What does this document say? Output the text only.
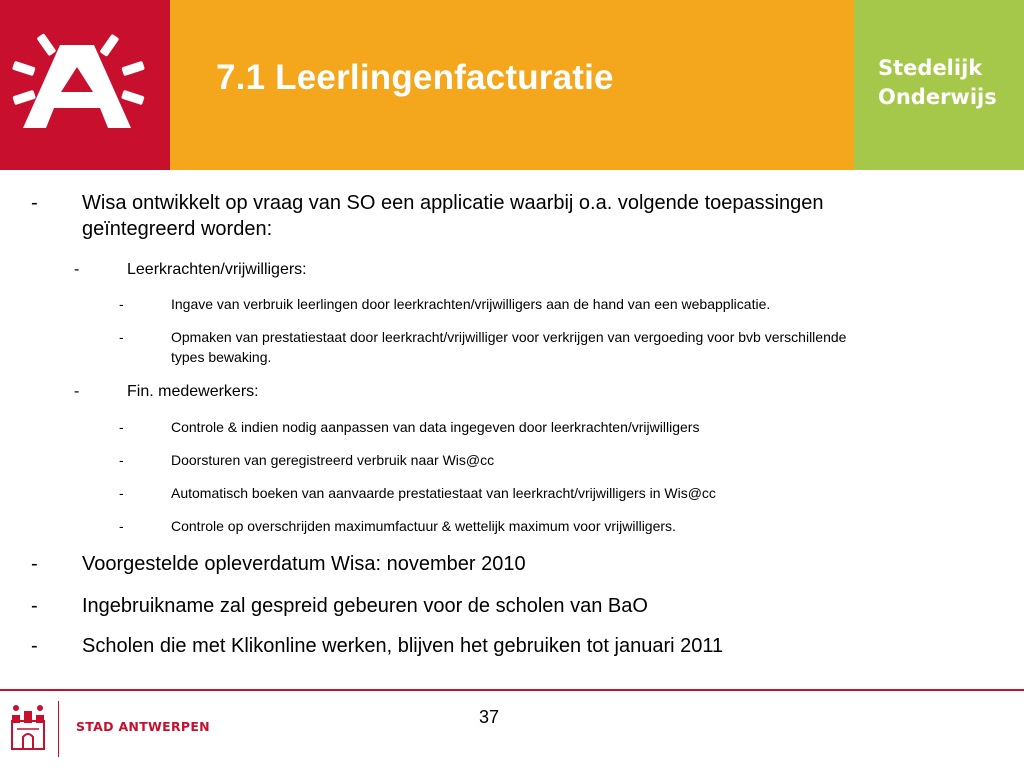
7.1 Leerlingenfacturatie	Stedelijk
Onderwijs
- Wisa ontwikkelt op vraag van SO een applicatie waarbij o.a. volgende toepassingen
geïntegreerd worden:
-	Leerkrachten/vrijwilligers:
-	Ingave van verbruik leerlingen door leerkrachten/vrijwilligers aan de hand van een webapplicatie.
-	Opmaken van prestatiestaat door leerkracht/vrijwilliger voor verkrijgen van vergoeding voor bvb verschillende
types bewaking.
-	Fin. medewerkers:
-	Controle & indien nodig aanpassen van data ingegeven door leerkrachten/vrijwilligers
-	Doorsturen van geregistreerd verbruik naar Wis@cc
-	Automatisch boeken van aanvaarde prestatiestaat van leerkracht/vrijwilligers in Wis@cc
-	Controle op overschrijden maximumfactuur & wettelijk maximum voor vrijwilligers.
- Voorgestelde opleverdatum Wisa: november 2010
- Ingebruikname zal gespreid gebeuren voor de scholen van BaO
- Scholen die met Klikonline werken, blijven het gebruiken tot januari 2011
STAD ANTWERPEN	37
